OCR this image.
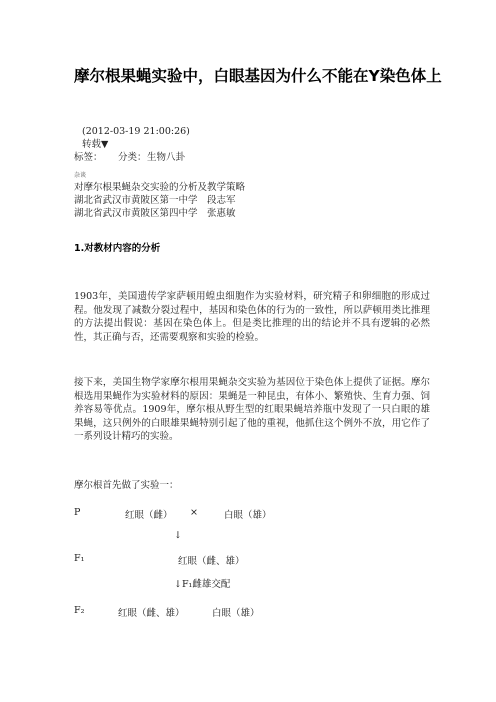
摩尔根果蝇实验中，白眼基因为什么不能在Y染色体上
(2012-03-19 21:00:26)
转载▼
标签： 分类： 生物八卦
杂谈
对摩尔根果蝇杂交实验的分析及教学策略
湖北省武汉市黄陂区第一中学　段志军
湖北省武汉市黄陂区第四中学　张惠敏
1.对教材内容的分析
1903年，美国遗传学家萨顿用蝗虫细胞作为实验材料，研究精子和卵细胞的形成过程。他发现了减数分裂过程中，基因和染色体的行为的一致性，所以萨顿用类比推理的方法提出假说：基因在染色体上。但是类比推理的出的结论并不具有逻辑的必然性，其正确与否，还需要观察和实验的检验。
接下来，美国生物学家摩尔根用果蝇杂交实验为基因位于染色体上提供了证据。摩尔根选用果蝇作为实验材料的原因：果蝇是一种昆虫，有体小、繁殖快、生育力强、饲养容易等优点。1909年，摩尔根从野生型的红眼果蝇培养瓶中发现了一只白眼的雄果蝇，这只例外的白眼雄果蝇特别引起了他的重视，他抓住这个例外不放，用它作了一系列设计精巧的实验。
摩尔根首先做了实验一：
P	红眼（雌） ×	白眼（雄）
↓
F₁	红眼（雌、雄）
↓F₁雌雄交配
F₂	红眼（雌、雄）	白眼（雄）
